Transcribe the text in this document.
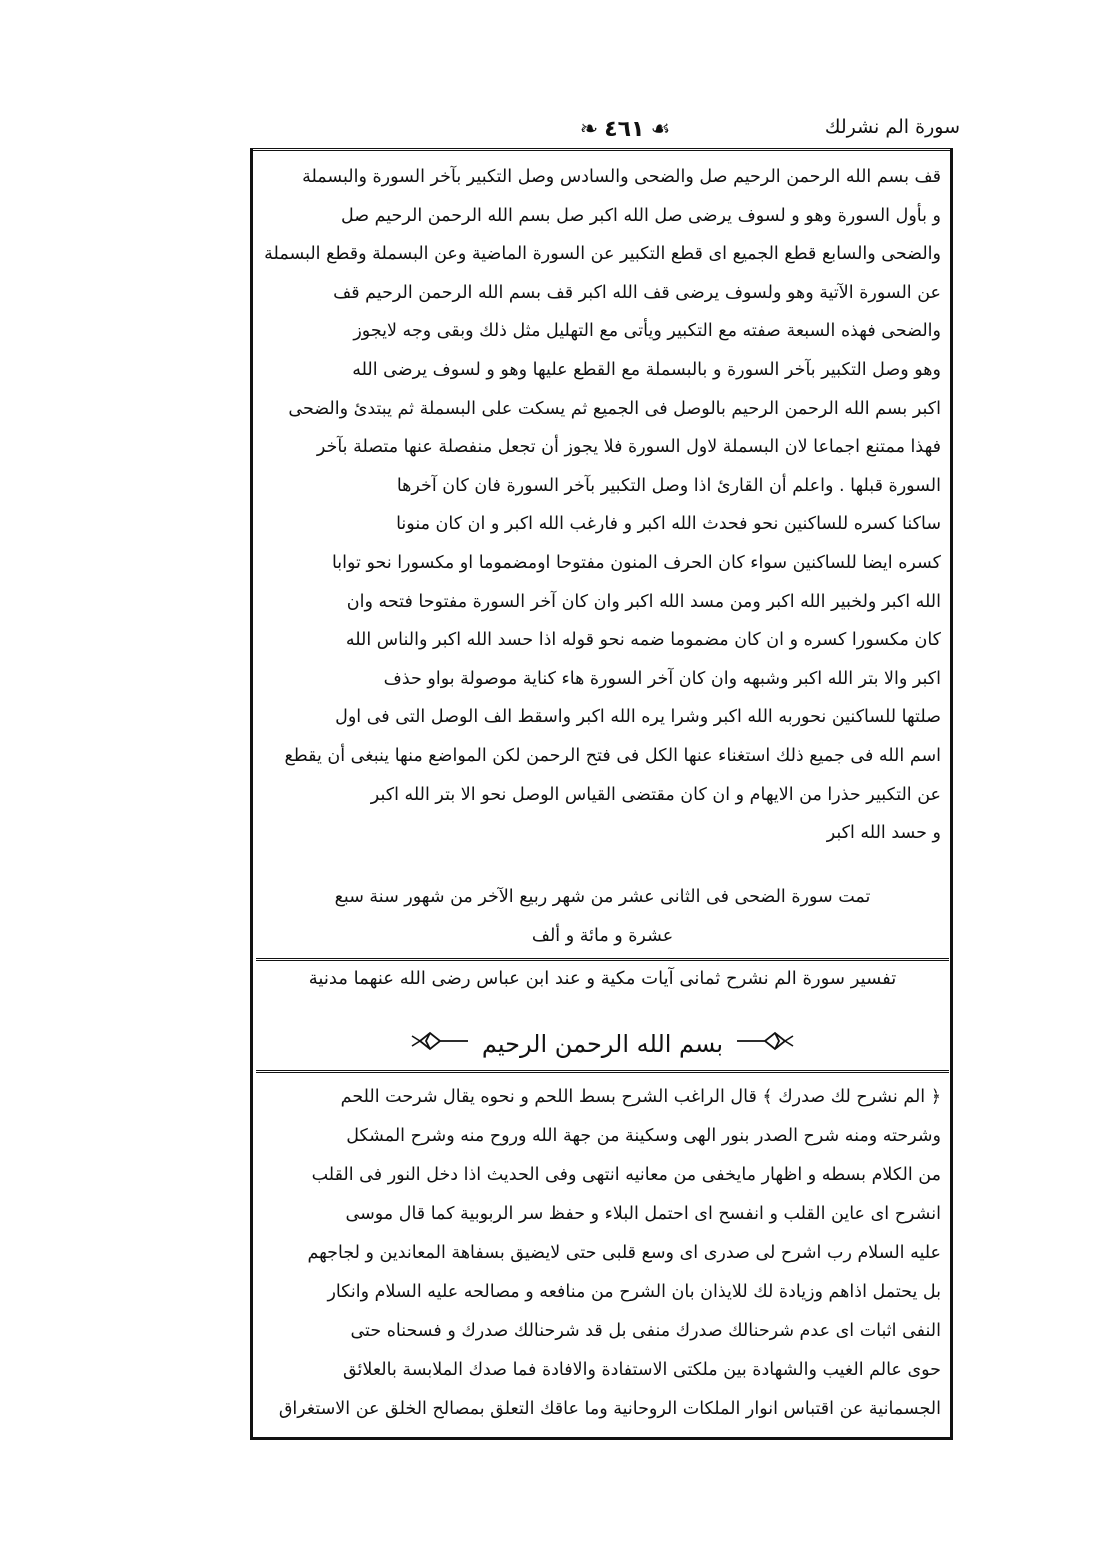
❧ ٤٦١ ☙	سورة الم نشرلك
قف بسم الله الرحمن الرحيم صل والضحى والسادس وصل التكبير بآخر السورة والبسملة
و بأول السورة وهو و لسوف يرضى صل الله اكبر صل بسم الله الرحمن الرحيم صل
والضحى والسابع قطع الجميع اى قطع التكبير عن السورة الماضية وعن البسملة وقطع البسملة
عن السورة الآتية وهو ولسوف يرضى قف الله اكبر قف بسم الله الرحمن الرحيم قف
والضحى فهذه السبعة صفته مع التكبير ويأتى مع التهليل مثل ذلك وبقى وجه لايجوز
وهو وصل التكبير بآخر السورة و بالبسملة مع القطع عليها وهو و لسوف يرضى الله
اكبر بسم الله الرحمن الرحيم بالوصل فى الجميع ثم يسكت على البسملة ثم يبتدئ والضحى
فهذا ممتنع اجماعا لان البسملة لاول السورة فلا يجوز أن تجعل منفصلة عنها متصلة بآخر
السورة قبلها . واعلم أن القارئ اذا وصل التكبير بآخر السورة فان كان آخرها
ساكنا كسره للساكنين نحو فحدث الله اكبر و فارغب الله اكبر و ان كان منونا
كسره ايضا للساكنين سواء كان الحرف المنون مفتوحا اومضموما او مكسورا نحو توابا
الله اكبر ولخبير الله اكبر ومن مسد الله اكبر وان كان آخر السورة مفتوحا فتحه وان
كان مكسورا كسره و ان كان مضموما ضمه نحو قوله اذا حسد الله اكبر والناس الله
اكبر والا بتر الله اكبر وشبهه وان كان آخر السورة هاء كناية موصولة بواو حذف
صلتها للساكنين نحوربه الله اكبر وشرا يره الله اكبر واسقط الف الوصل التى فى اول
اسم الله فى جميع ذلك استغناء عنها الكل فى فتح الرحمن لكن المواضع منها ينبغى أن يقطع
عن التكبير حذرا من الايهام و ان كان مقتضى القياس الوصل نحو الا بتر الله اكبر
و حسد الله اكبر
تمت سورة الضحى فى الثانى عشر من شهر ربيع الآخر من شهور سنة سبع
عشرة و مائة و ألف
تفسير سورة الم نشرح ثمانى آيات مكية و عند ابن عباس رضى الله عنهما مدنية
بسم الله الرحمن الرحيم
﴿ الم نشرح لك صدرك ﴾ قال الراغب الشرح بسط اللحم و نحوه يقال شرحت اللحم
وشرحته ومنه شرح الصدر بنور الهى وسكينة من جهة الله وروح منه وشرح المشكل
من الكلام بسطه و اظهار مايخفى من معانيه انتهى وفى الحديث اذا دخل النور فى القلب
انشرح اى عاين القلب و انفسح اى احتمل البلاء و حفظ سر الربوبية كما قال موسى
عليه السلام رب اشرح لى صدرى اى وسع قلبى حتى لايضيق بسفاهة المعاندين و لجاجهم
بل يحتمل اذاهم وزيادة لك للايذان بان الشرح من منافعه و مصالحه عليه السلام وانكار
النفى اثبات اى عدم شرحنالك صدرك منفى بل قد شرحنالك صدرك و فسحناه حتى
حوى عالم الغيب والشهادة بين ملكتى الاستفادة والافادة فما صدك الملابسة بالعلائق
الجسمانية عن اقتباس انوار الملكات الروحانية وما عاقك التعلق بمصالح الخلق عن الاستغراق
